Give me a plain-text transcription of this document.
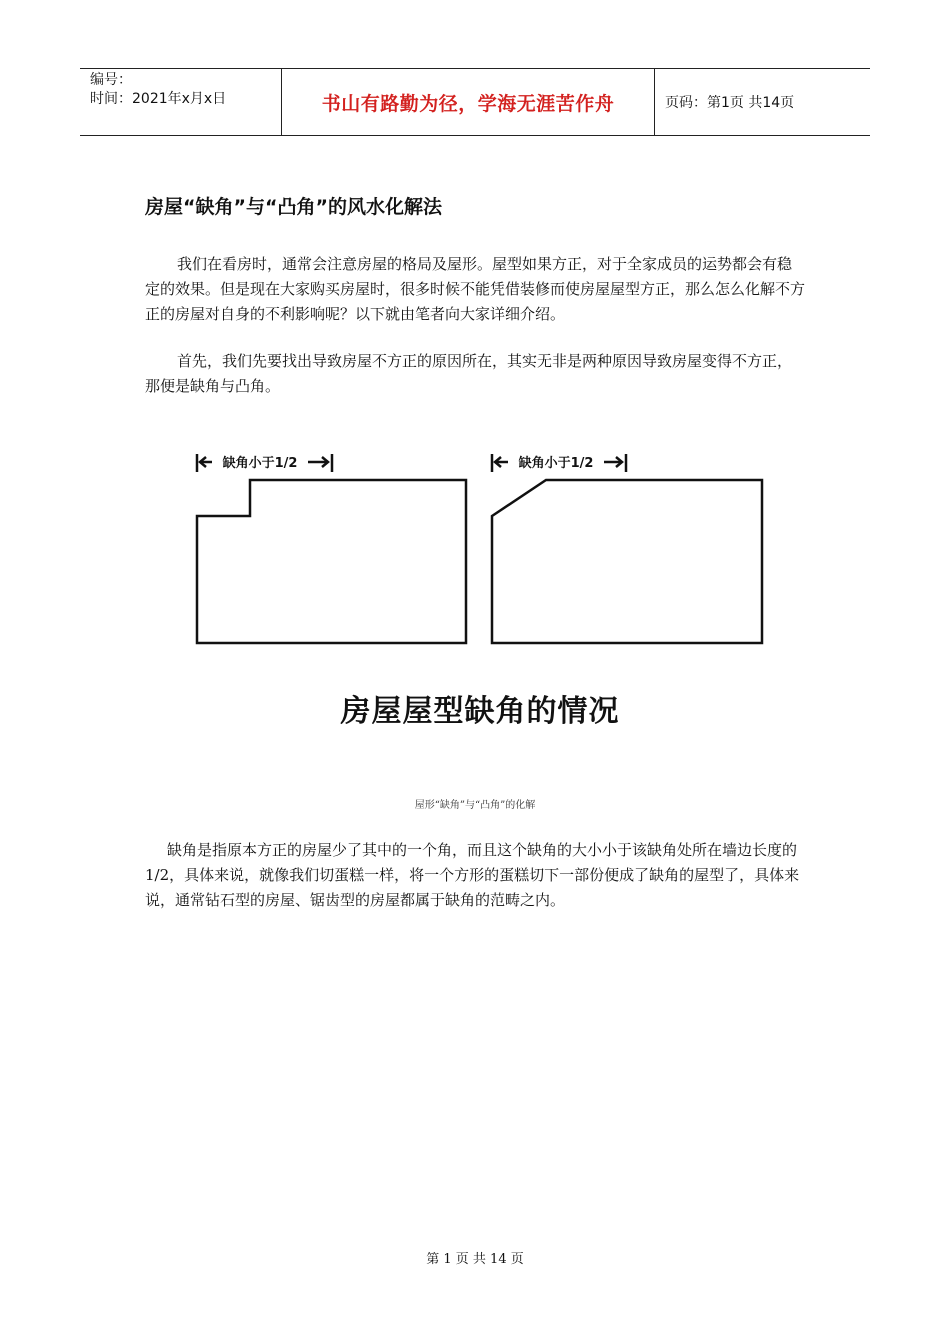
编号：
时间：2021年x月x日	书山有路勤为径，学海无涯苦作舟	页码：第1页 共14页
房屋“缺角”与“凸角”的风水化解法
我们在看房时，通常会注意房屋的格局及屋形。屋型如果方正，对于全家成员的运势都会有稳定的效果。但是现在大家购买房屋时，很多时候不能凭借装修而使房屋屋型方正，那么怎么化解不方正的房屋对自身的不利影响呢？以下就由笔者向大家详细介绍。
首先，我们先要找出导致房屋不方正的原因所在，其实无非是两种原因导致房屋变得不方正，那便是缺角与凸角。
缺角小于1/2	缺角小于1/2
房屋屋型缺角的情况
屋形“缺角”与“凸角”的化解
缺角是指原本方正的房屋少了其中的一个角，而且这个缺角的大小小于该缺角处所在墙边长度的1/2，具体来说，就像我们切蛋糕一样，将一个方形的蛋糕切下一部份便成了缺角的屋型了，具体来说，通常钻石型的房屋、锯齿型的房屋都属于缺角的范畴之内。
第 1 页 共 14 页
